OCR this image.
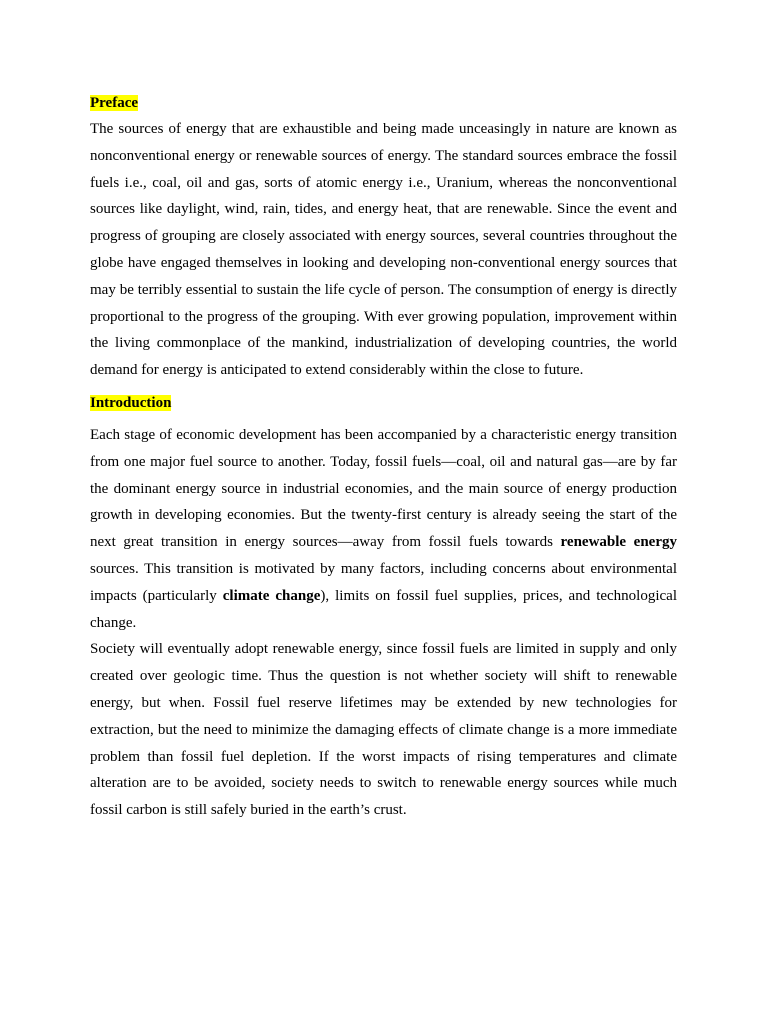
Preface

The sources of energy that are exhaustible and being made unceasingly in nature are known as nonconventional energy or renewable sources of energy. The standard sources embrace the fossil fuels i.e., coal, oil and gas, sorts of atomic energy i.e., Uranium, whereas the nonconventional sources like daylight, wind, rain, tides, and energy heat, that are renewable. Since the event and progress of grouping are closely associated with energy sources, several countries throughout the globe have engaged themselves in looking and developing non-conventional energy sources that may be terribly essential to sustain the life cycle of person. The consumption of energy is directly proportional to the progress of the grouping. With ever growing population, improvement within the living commonplace of the mankind, industrialization of developing countries, the world demand for energy is anticipated to extend considerably within the close to future.

Introduction

Each stage of economic development has been accompanied by a characteristic energy transition from one major fuel source to another. Today, fossil fuels—coal, oil and natural gas—are by far the dominant energy source in industrial economies, and the main source of energy production growth in developing economies. But the twenty-first century is already seeing the start of the next great transition in energy sources—away from fossil fuels towards renewable energy sources. This transition is motivated by many factors, including concerns about environmental impacts (particularly climate change), limits on fossil fuel supplies, prices, and technological change.

Society will eventually adopt renewable energy, since fossil fuels are limited in supply and only created over geologic time. Thus the question is not whether society will shift to renewable energy, but when. Fossil fuel reserve lifetimes may be extended by new technologies for extraction, but the need to minimize the damaging effects of climate change is a more immediate problem than fossil fuel depletion. If the worst impacts of rising temperatures and climate alteration are to be avoided, society needs to switch to renewable energy sources while much fossil carbon is still safely buried in the earth’s crust.
